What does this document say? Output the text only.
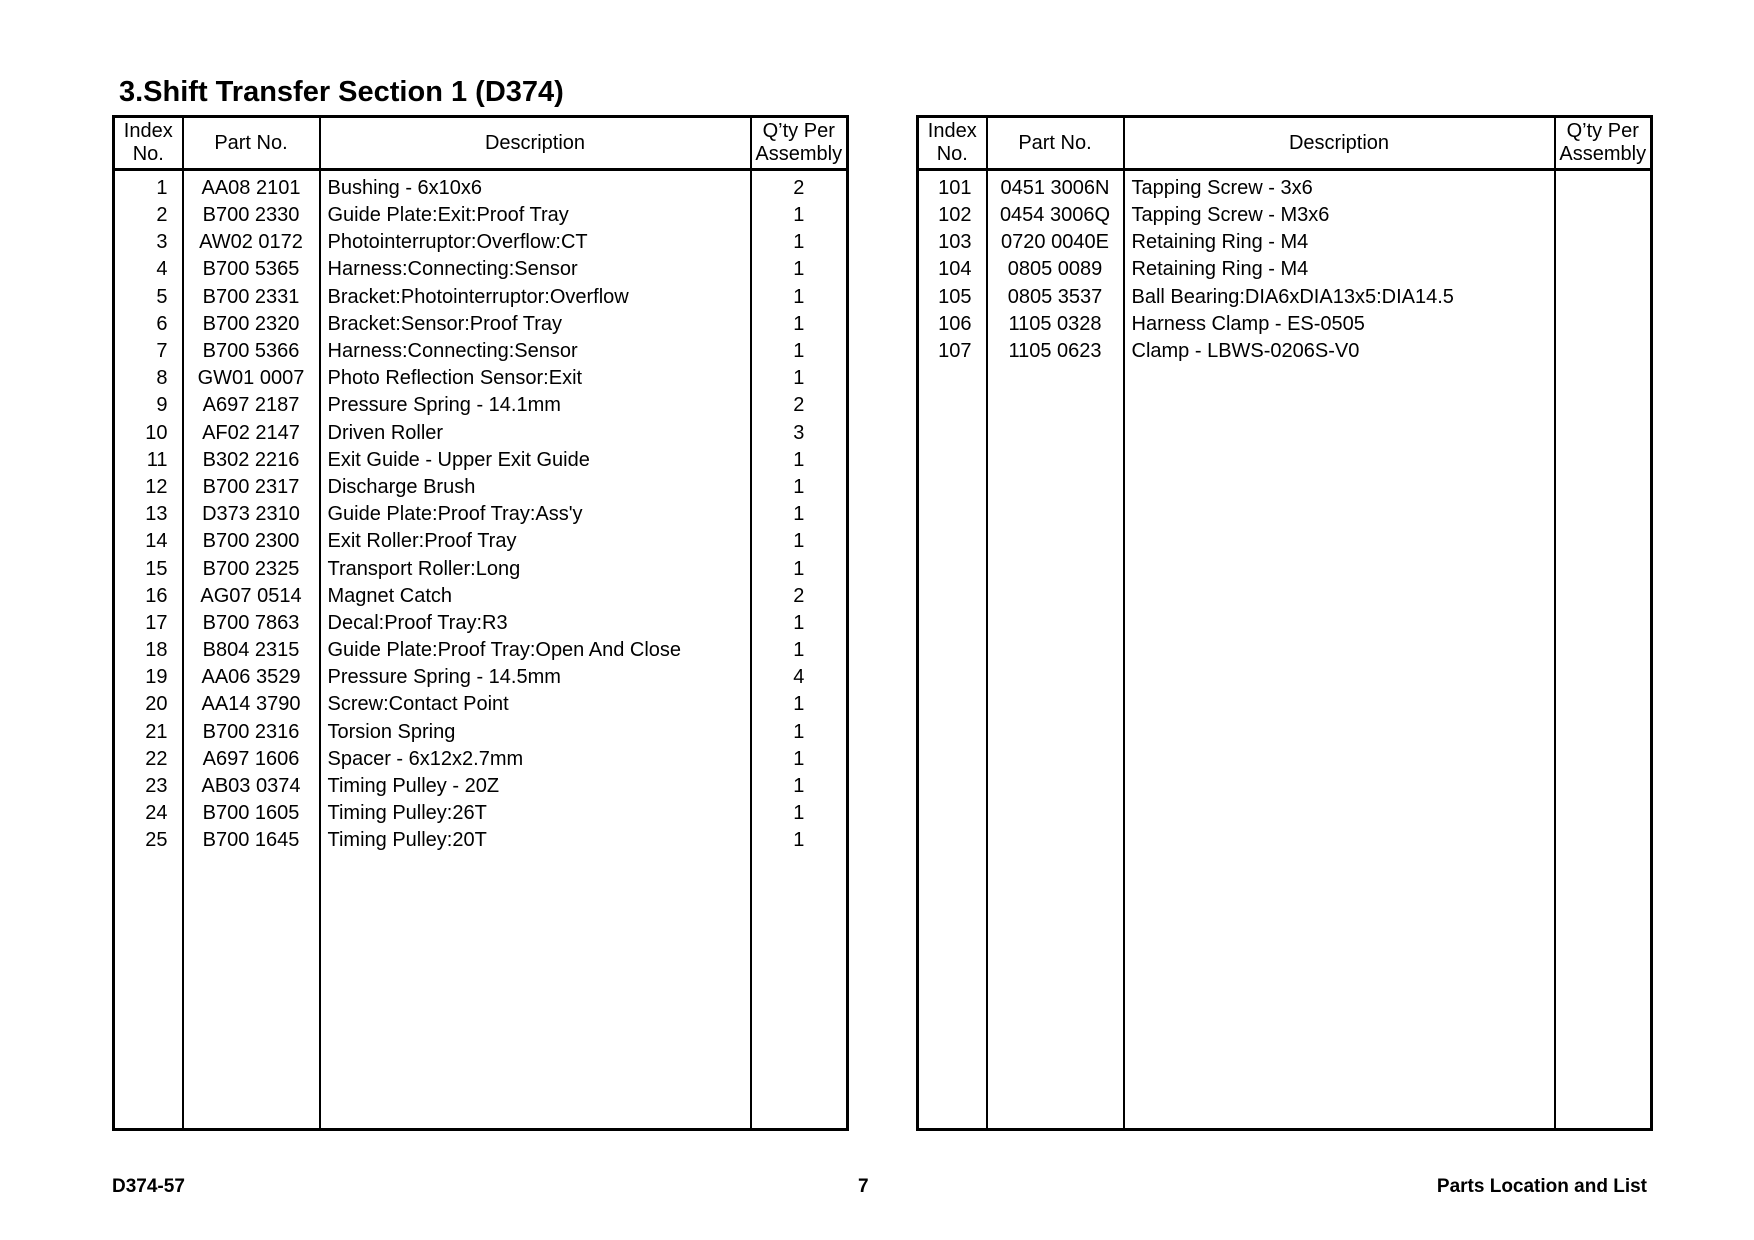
3.Shift Transfer Section 1 (D374)
Index
No.	Part No.	Description	Q’ty Per
Assembly
1	AA08 2101	Bushing - 6x10x6	2
2	B700 2330	Guide Plate:Exit:Proof Tray	1
3	AW02 0172	Photointerruptor:Overflow:CT	1
4	B700 5365	Harness:Connecting:Sensor	1
5	B700 2331	Bracket:Photointerruptor:Overflow	1
6	B700 2320	Bracket:Sensor:Proof Tray	1
7	B700 5366	Harness:Connecting:Sensor	1
8	GW01 0007	Photo Reflection Sensor:Exit	1
9	A697 2187	Pressure Spring - 14.1mm	2
10	AF02 2147	Driven Roller	3
11	B302 2216	Exit Guide - Upper Exit Guide	1
12	B700 2317	Discharge Brush	1
13	D373 2310	Guide Plate:Proof Tray:Ass'y	1
14	B700 2300	Exit Roller:Proof Tray	1
15	B700 2325	Transport Roller:Long	1
16	AG07 0514	Magnet Catch	2
17	B700 7863	Decal:Proof Tray:R3	1
18	B804 2315	Guide Plate:Proof Tray:Open And Close	1
19	AA06 3529	Pressure Spring - 14.5mm	4
20	AA14 3790	Screw:Contact Point	1
21	B700 2316	Torsion Spring	1
22	A697 1606	Spacer - 6x12x2.7mm	1
23	AB03 0374	Timing Pulley - 20Z	1
24	B700 1605	Timing Pulley:26T	1
25	B700 1645	Timing Pulley:20T	1

Index
No.	Part No.	Description	Q’ty Per
Assembly
101	0451 3006N	Tapping Screw - 3x6	
102	0454 3006Q	Tapping Screw - M3x6	
103	0720 0040E	Retaining Ring - M4	
104	0805 0089	Retaining Ring - M4	
105	0805 3537	Ball Bearing:DIA6xDIA13x5:DIA14.5	
106	1105 0328	Harness Clamp - ES-0505	
107	1105 0623	Clamp - LBWS-0206S-V0	

D374-57	7	Parts Location and List
